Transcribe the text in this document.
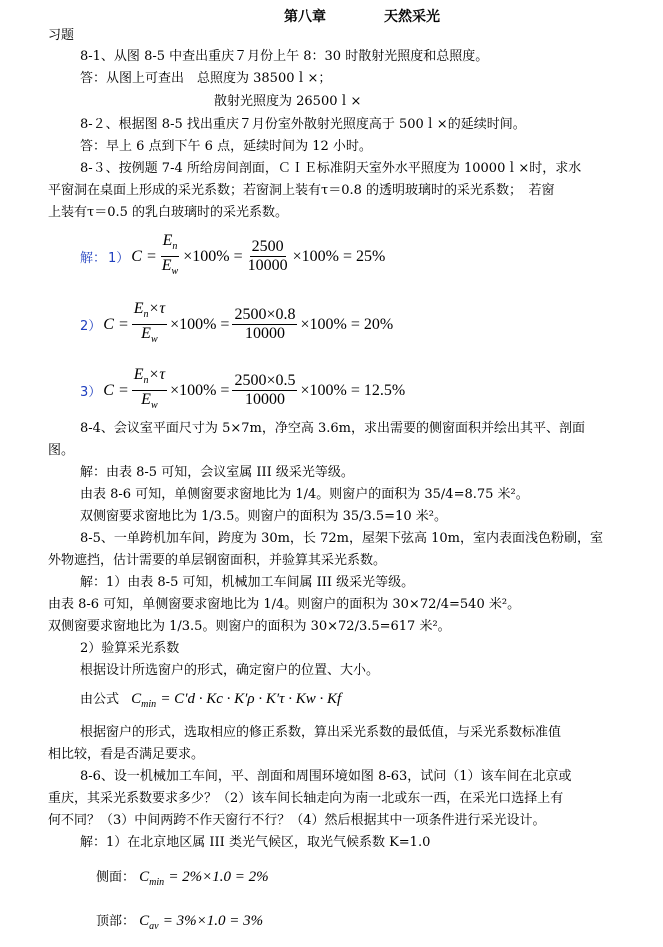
第八章	天然采光
习题
8-1、从图 8-5 中查出重庆７月份上午 8：30 时散射光照度和总照度。
答：从图上可查出　总照度为 38500ｌ×；
散射光照度为 26500ｌ×
8-２、根据图 8-5 找出重庆７月份室外散射光照度高于 500ｌ×的延续时间。
答：早上 6 点到下午 6 点，延续时间为 12 小时。
8-３、按例题 7-4 所给房间剖面，ＣＩＥ标准阴天室外水平照度为 10000ｌ×时，求水
平窗洞在桌面上形成的采光系数；若窗洞上装有τ＝0.8 的透明玻璃时的采光系数；　若窗
上装有τ＝0.5 的乳白玻璃时的采光系数。
解： 1） $C = \frac{E_n}{E_w} \times 100\% = \frac{2500}{10000} \times 100\% = 25\%$
2） $C = \frac{E_n\times\tau}{E_w} \times 100\% = \frac{2500\times 0.8}{10000} \times 100\% = 20\%$
3） $C = \frac{E_n\times\tau}{E_w} \times 100\% = \frac{2500\times 0.5}{10000} \times 100\% = 12.5\%$
8-4、会议室平面尺寸为 5×7m，净空高 3.6m，求出需要的侧窗面积并绘出其平、剖面
图。
解：由表 8-5 可知，会议室属 III 级采光等级。
由表 8-6 可知，单侧窗要求窗地比为 1/4。则窗户的面积为 35/4=8.75 米²。
双侧窗要求窗地比为 1/3.5。则窗户的面积为 35/3.5=10 米²。
8-5、一单跨机加车间，跨度为 30m，长 72m，屋架下弦高 10m，室内表面浅色粉刷，室
外物遮挡，估计需要的单层钢窗面积，并验算其采光系数。
解：1）由表 8-5 可知，机械加工车间属 III 级采光等级。
由表 8-6 可知，单侧窗要求窗地比为 1/4。则窗户的面积为 30×72/4=540 米²。
双侧窗要求窗地比为 1/3.5。则窗户的面积为 30×72/3.5=617 米²。
2）验算采光系数
根据设计所选窗户的形式，确定窗户的位置、大小。
由公式 $C_{min} = C'd \cdot Kc \cdot K'\rho \cdot K'\tau \cdot Kw \cdot Kf$
根据窗户的形式，选取相应的修正系数，算出采光系数的最低值，与采光系数标准值
相比较，看是否满足要求。
8-6、设一机械加工车间，平、剖面和周围环境如图 8-63，试问（1）该车间在北京或
重庆，其采光系数要求多少？（2）该车间长轴走向为南一北或东一西，在采光口选择上有
何不同？（3）中间两跨不作天窗行不行？（4）然后根据其中一项条件进行采光设计。
解：1）在北京地区属 III 类光气候区，取光气候系数 K=1.0
侧面： $C_{min} = 2\%\times 1.0 = 2\%$
顶部： $C_{av} = 3\%\times 1.0 = 3\%$
